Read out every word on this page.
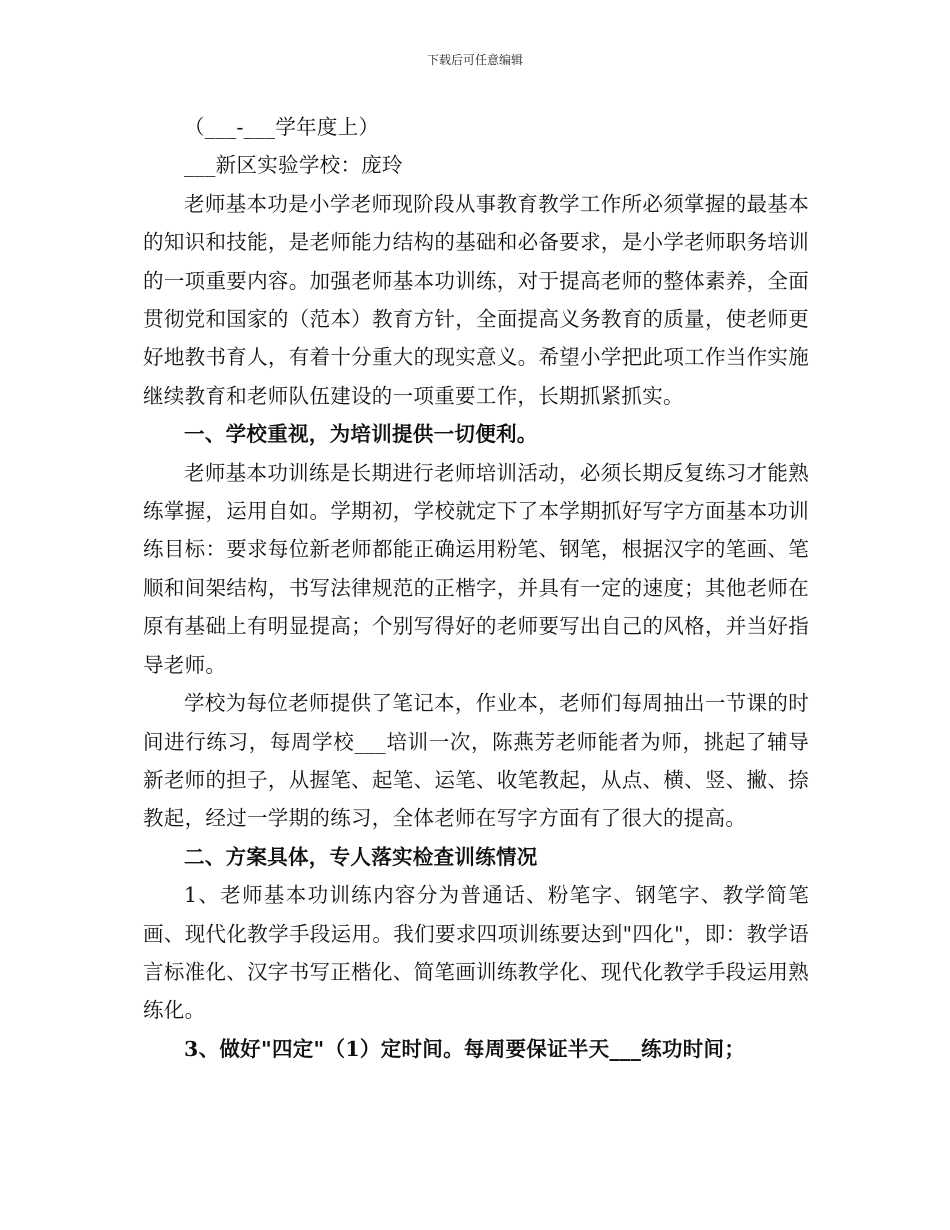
下载后可任意编辑

（___-___学年度上）

___新区实验学校：庞玲

老师基本功是小学老师现阶段从事教育教学工作所必须掌握的最基本的知识和技能，是老师能力结构的基础和必备要求，是小学老师职务培训的一项重要内容。加强老师基本功训练，对于提高老师的整体素养，全面贯彻党和国家的（范本）教育方针，全面提高义务教育的质量，使老师更好地教书育人，有着十分重大的现实意义。希望小学把此项工作当作实施继续教育和老师队伍建设的一项重要工作，长期抓紧抓实。

一、学校重视，为培训提供一切便利。

老师基本功训练是长期进行老师培训活动，必须长期反复练习才能熟练掌握，运用自如。学期初，学校就定下了本学期抓好写字方面基本功训练目标：要求每位新老师都能正确运用粉笔、钢笔，根据汉字的笔画、笔顺和间架结构，书写法律规范的正楷字，并具有一定的速度；其他老师在原有基础上有明显提高；个别写得好的老师要写出自己的风格，并当好指导老师。

学校为每位老师提供了笔记本，作业本，老师们每周抽出一节课的时间进行练习，每周学校___培训一次，陈燕芳老师能者为师，挑起了辅导新老师的担子，从握笔、起笔、运笔、收笔教起，从点、横、竖、撇、捺教起，经过一学期的练习，全体老师在写字方面有了很大的提高。

二、方案具体，专人落实检查训练情况

1、老师基本功训练内容分为普通话、粉笔字、钢笔字、教学简笔画、现代化教学手段运用。我们要求四项训练要达到"四化"，即：教学语言标准化、汉字书写正楷化、简笔画训练教学化、现代化教学手段运用熟练化。

3、做好"四定"（1）定时间。每周要保证半天___练功时间；
